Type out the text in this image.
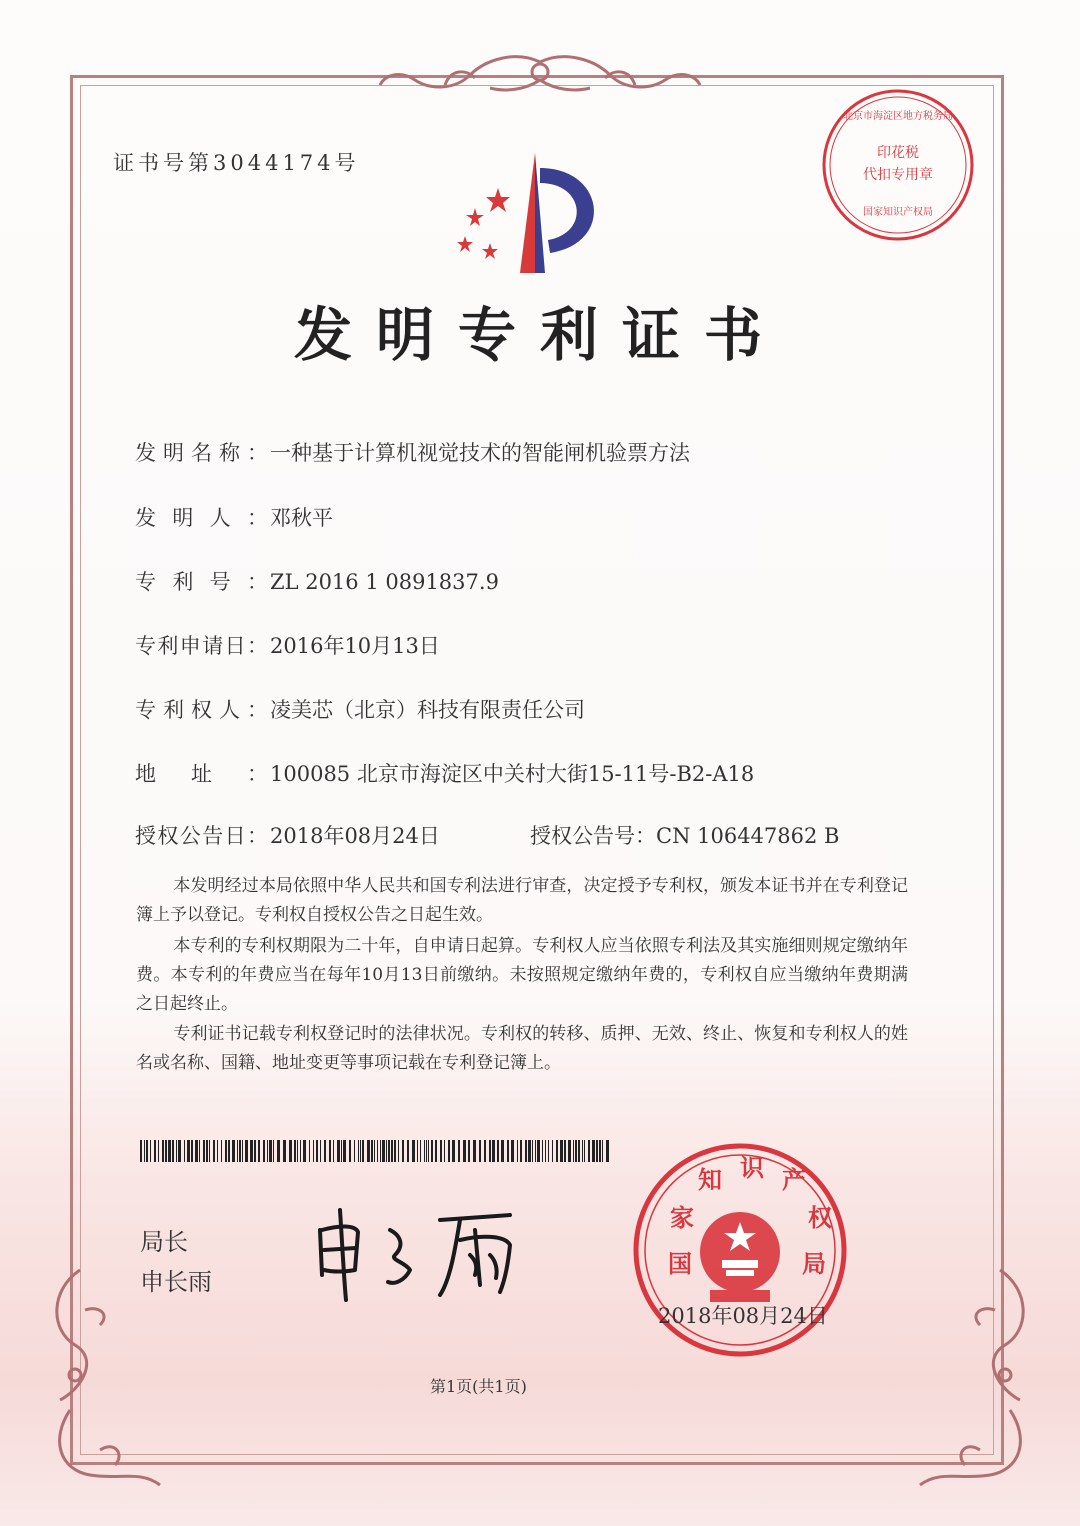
证书号第3044174号
发明专利证书
发明名称：一种基于计算机视觉技术的智能闸机验票方法
发明人：邓秋平
专利号：ZL 2016 1 0891837.9
专利申请日：2016年10月13日
专利权人：凌美芯（北京）科技有限责任公司
地址：100085 北京市海淀区中关村大街15-11号-B2-A18
授权公告日：2018年08月24日	授权公告号：CN 106447862 B

本发明经过本局依照中华人民共和国专利法进行审查，决定授予专利权，颁发本证书并在专利登记簿上予以登记。专利权自授权公告之日起生效。

本专利的专利权期限为二十年，自申请日起算。专利权人应当依照专利法及其实施细则规定缴纳年费。本专利的年费应当在每年10月13日前缴纳。未按照规定缴纳年费的，专利权自应当缴纳年费期满之日起终止。

专利证书记载专利权登记时的法律状况。专利权的转移、质押、无效、终止、恢复和专利权人的姓名或名称、国籍、地址变更等事项记载在专利登记簿上。

局长
申长雨
国 家 知 识 产 权 局
2018年08月24日
印花税
代扣专用章
北京市海淀区地方税务局
国家知识产权局
第1页(共1页)
